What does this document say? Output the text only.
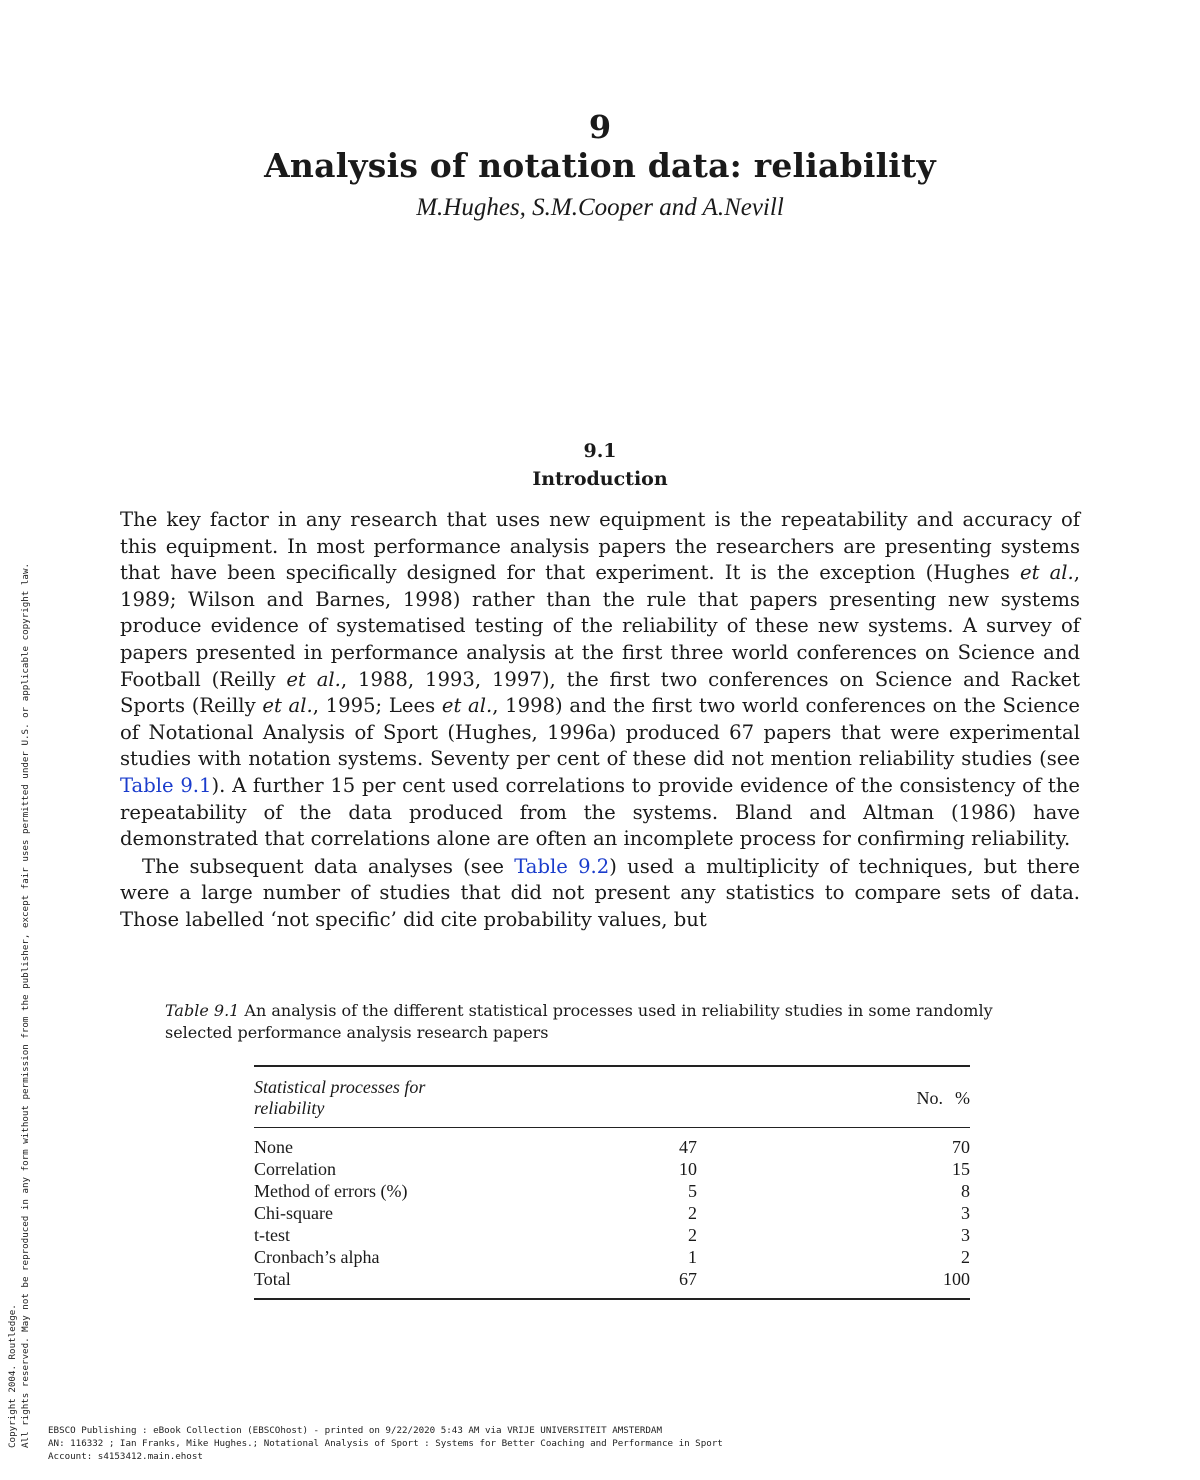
Copyright 2004. Routledge. All rights reserved. May not be reproduced in any form without permission from the publisher, except fair uses permitted under U.S. or applicable copyright law.
9
Analysis of notation data: reliability
M.Hughes, S.M.Cooper and A.Nevill
9.1
Introduction

The key factor in any research that uses new equipment is the repeatability and accuracy of this equipment. In most performance analysis papers the researchers are presenting systems that have been specifically designed for that experiment. It is the exception (Hughes et al., 1989; Wilson and Barnes, 1998) rather than the rule that papers presenting new systems produce evidence of systematised testing of the reliability of these new systems. A survey of papers presented in performance analysis at the first three world conferences on Science and Football (Reilly et al., 1988, 1993, 1997), the first two conferences on Science and Racket Sports (Reilly et al., 1995; Lees et al., 1998) and the first two world conferences on the Science of Notational Analysis of Sport (Hughes, 1996a) produced 67 papers that were experimental studies with notation systems. Seventy per cent of these did not mention reliability studies (see Table 9.1). A further 15 per cent used correlations to provide evidence of the consistency of the repeatability of the data produced from the systems. Bland and Altman (1986) have demonstrated that correlations alone are often an incomplete process for confirming reliability.

The subsequent data analyses (see Table 9.2) used a multiplicity of techniques, but there were a large number of studies that did not present any statistics to compare sets of data. Those labelled ‘not specific’ did cite probability values, but

Table 9.1 An analysis of the different statistical processes used in reliability studies in some randomly selected performance analysis research papers
Statistical processes for reliability	No.	%
None	47	70
Correlation	10	15
Method of errors (%)	5	8
Chi-square	2	3
t-test	2	3
Cronbach’s alpha	1	2
Total	67	100
EBSCO Publishing : eBook Collection (EBSCOhost) - printed on 9/22/2020 5:43 AM via VRIJE UNIVERSITEIT AMSTERDAM
AN: 116332 ; Ian Franks, Mike Hughes.; Notational Analysis of Sport : Systems for Better Coaching and Performance in Sport
Account: s4153412.main.ehost
